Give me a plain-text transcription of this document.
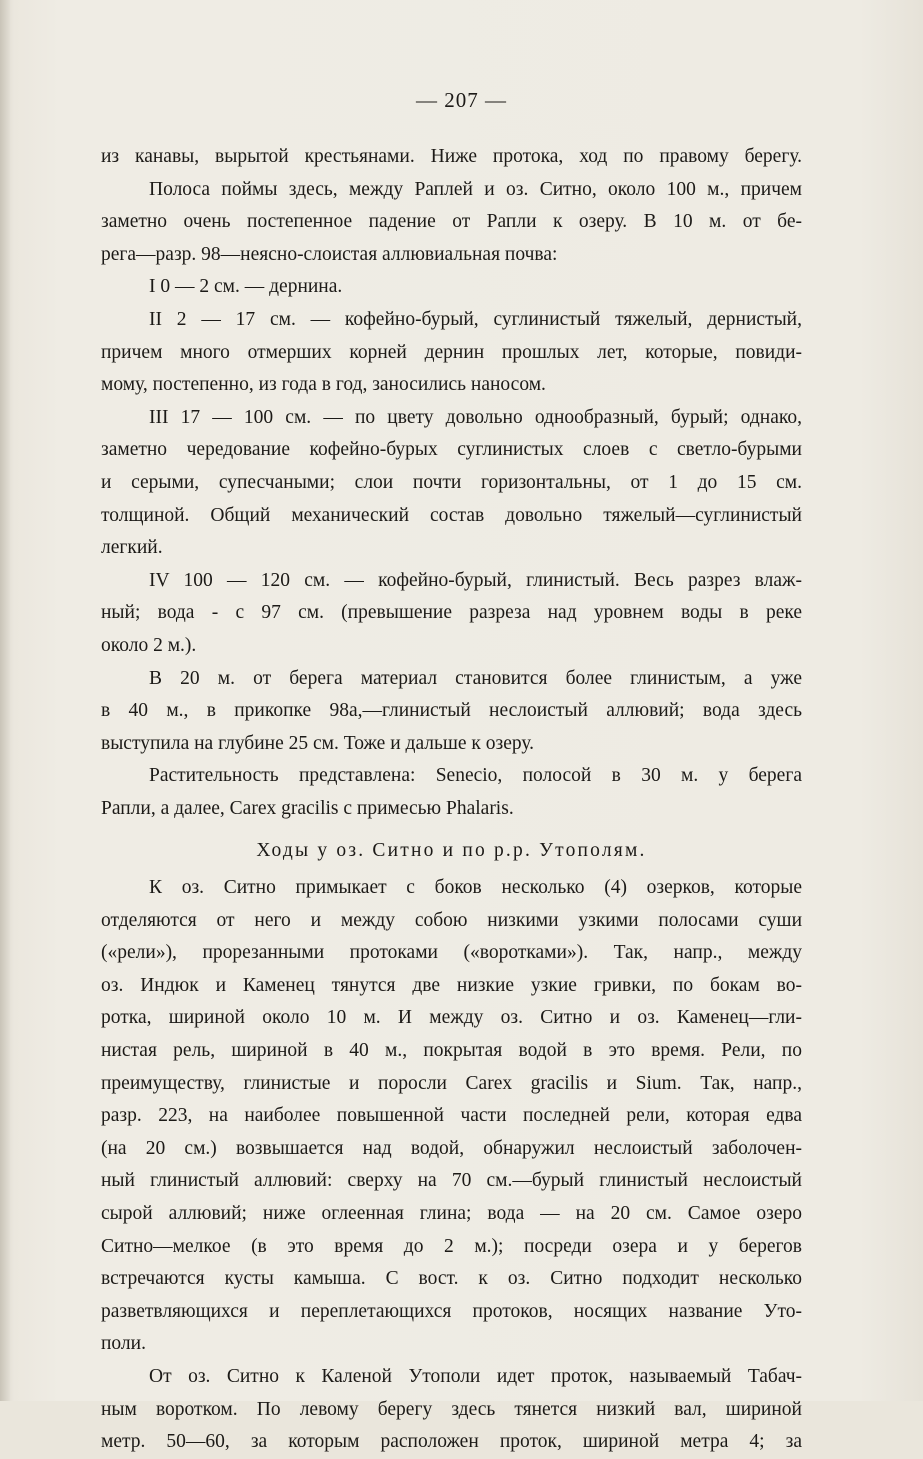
— 207 —
из канавы, вырытой крестьянами. Ниже протока, ход по правому берегу.
Полоса поймы здесь, между Раплей и оз. Ситно, около 100 м., причем
заметно очень постепенное падение от Рапли к озеру. В 10 м. от бе-
рега—разр. 98—неясно-слоистая аллювиальная почва:
I 0 — 2 см. — дернина.
II 2 — 17 см. — кофейно-бурый, суглинистый тяжелый, дернистый,
причем много отмерших корней дернин прошлых лет, которые, повиди-
мому, постепенно, из года в год, заносились наносом.
III 17 — 100 см. — по цвету довольно однообразный, бурый; однако,
заметно чередование кофейно-бурых суглинистых слоев с светло-бурыми
и серыми, супесчаными; слои почти горизонтальны, от 1 до 15 см.
толщиной. Общий механический состав довольно тяжелый—суглинистый
легкий.
IV 100 — 120 см. — кофейно-бурый, глинистый. Весь разрез влаж-
ный; вода - с 97 см. (превышение разреза над уровнем воды в реке
около 2 м.).
В 20 м. от берега материал становится более глинистым, а уже
в 40 м., в прикопке 98а,—глинистый неслоистый аллювий; вода здесь
выступила на глубине 25 см. Тоже и дальше к озеру.
Растительность представлена: Senecio, полосой в 30 м. у берега
Рапли, а далее, Carex gracilis с примесью Phalaris.
Ходы у оз. Ситно и по р.р. Утополям.
К оз. Ситно примыкает с боков несколько (4) озерков, которые
отделяются от него и между собою низкими узкими полосами суши
(«рели»), прорезанными протоками («воротками»). Так, напр., между
оз. Индюк и Каменец тянутся две низкие узкие гривки, по бокам во-
ротка, шириной около 10 м. И между оз. Ситно и оз. Каменец—гли-
нистая рель, шириной в 40 м., покрытая водой в это время. Рели, по
преимуществу, глинистые и поросли Carex gracilis и Sium. Так, напр.,
разр. 223, на наиболее повышенной части последней рели, которая едва
(на 20 см.) возвышается над водой, обнаружил неслоистый заболочен-
ный глинистый аллювий: сверху на 70 см.—бурый глинистый неслоистый
сырой аллювий; ниже оглеенная глина; вода — на 20 см. Самое озеро
Ситно—мелкое (в это время до 2 м.); посреди озера и у берегов
встречаются кусты камыша. С вост. к оз. Ситно подходит несколько
разветвляющихся и переплетающихся протоков, носящих название Уто-
поли.
От оз. Ситно к Каленой Утополи идет проток, называемый Табач-
ным воротком. По левому берегу здесь тянется низкий вал, шириной
метр. 50—60, за которым расположен проток, шириной метра 4; за
